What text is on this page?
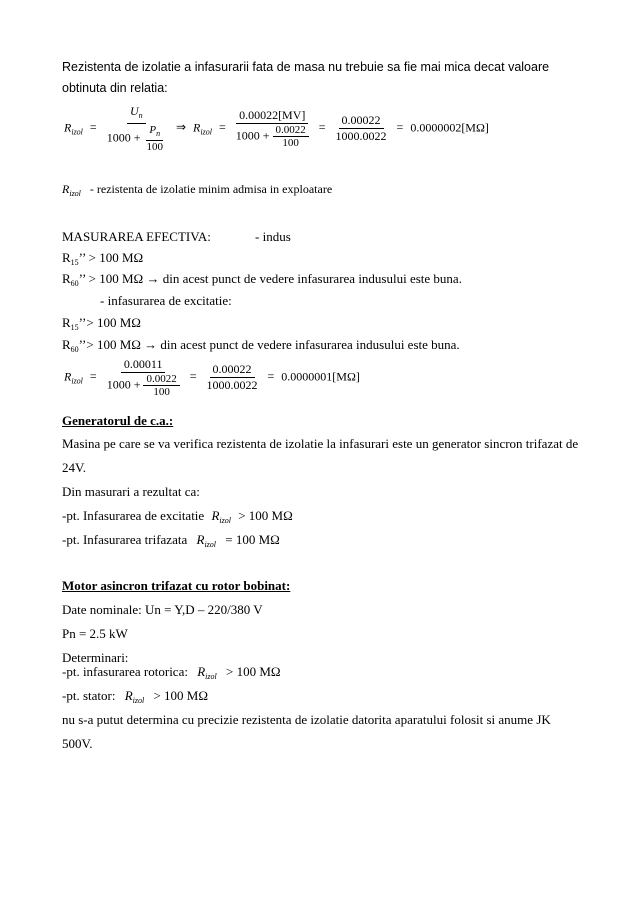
Rezistenta de izolatie a infasurarii fata de masa nu trebuie sa fie mai mica decat valoare
obtinuta din relatia:
$R_{izol} = \frac{U_n}{1000 + \frac{P_n}{100}}$ ⇒ $R_{izol} = \frac{0.00022[MV]}{1000 + \frac{0.0022}{100}} = \frac{0.00022}{1000.0022} = 0.0000002[M\Omega]$
$R_{izol}$ - rezistenta de izolatie minim admisa in exploatare
MASURAREA EFECTIVA:	- indus
$R_{15}$’’ > 100 MΩ
$R_{60}$’’ > 100 MΩ → din acest punct de vedere infasurarea indusului este buna.
- infasurarea de excitatie:
$R_{15}’’> 100$ MΩ
$R_{60}’’> 100$ MΩ → din acest punct de vedere infasurarea indusului este buna.
$R_{izol} = \frac{0.00011}{1000 + \frac{0.0022}{100}} = \frac{0.00022}{1000.0022} = 0.0000001[M\Omega]$
Generatorul de c.a.:
Masina pe care se va verifica rezistenta de izolatie la infasurari este un generator sincron trifazat de
24V.
Din masurari a rezultat ca:
-pt. Infasurarea de excitatie $R_{izol} > 100$ MΩ
-pt. Infasurarea trifazata $R_{izol} = 100$ MΩ
Motor asincron trifazat cu rotor bobinat:
Date nominale: Un = Y,D – 220/380 V
Pn = 2.5 kW
Determinari:
-pt. infasurarea rotorica: $R_{izol} > 100$ MΩ
-pt. stator: $R_{izol} > 100$ MΩ
nu s-a putut determina cu precizie rezistenta de izolatie datorita aparatului folosit si anume JK
500V.
